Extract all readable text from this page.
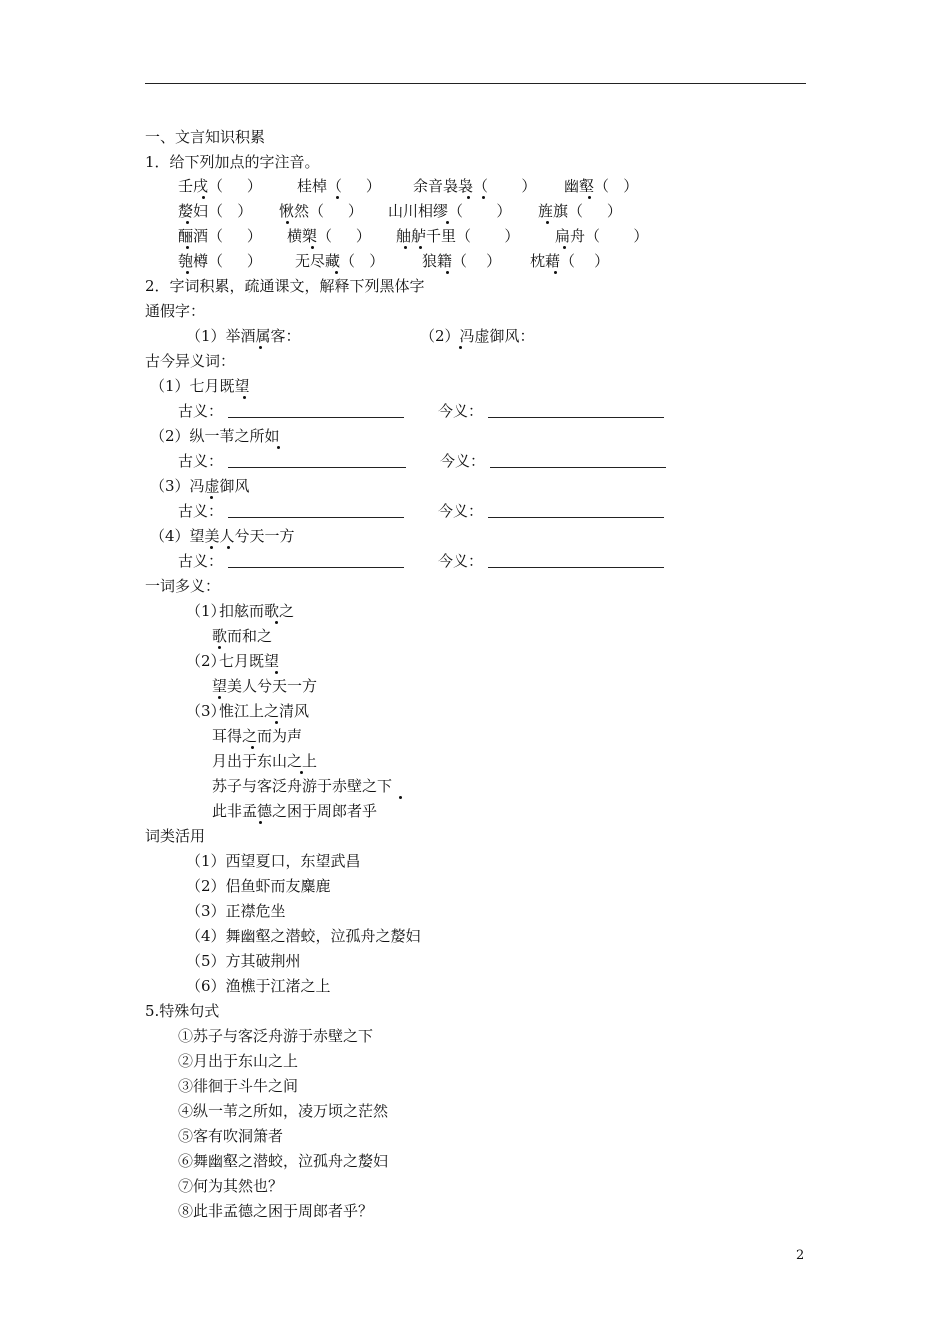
一、文言知识积累
1．给下列加点的字注音。
壬戌（     ） 桂棹（     ） 余音袅袅（       ） 幽壑（   ）
嫠妇（   ） 愀然（     ） 山川相缪（       ） 旌旗（     ）
酾酒（     ） 横槊（     ） 舳舻千里（       ） 扁舟（       ）
匏樽（     ） 无尽藏（   ）	狼籍（    ） 枕藉（    ）
2．字词积累，疏通课文，解释下列黑体字
通假字：
（1）举酒属客：	（2）冯虚御风：
古今异义词：
（1）七月既望
古义：	今义：
（2）纵一苇之所如
古义：	今义：
（3）冯虚御风
古义：	今义：
（4）望美人兮天一方
古义：	今义：
一词多义：
（1）
扣舷而歌之
歌而和之
（2）
七月既望
望美人兮天一方
（3）
惟江上之清风
耳得之而为声
月出于东山之上
苏子与客泛舟游于赤壁之下
此非孟德之困于周郎者乎
词类活用
（1）西望夏口，东望武昌
（2）侣鱼虾而友麋鹿
（3）正襟危坐
（4）舞幽壑之潜蛟，泣孤舟之嫠妇
（5）方其破荆州
（6）渔樵于江渚之上
5.特殊句式
①苏子与客泛舟游于赤壁之下
②月出于东山之上
③徘徊于斗牛之间
④纵一苇之所如，凌万顷之茫然
⑤客有吹洞箫者
⑥舞幽壑之潜蛟，泣孤舟之嫠妇
⑦何为其然也？
⑧此非孟德之困于周郎者乎？
2
